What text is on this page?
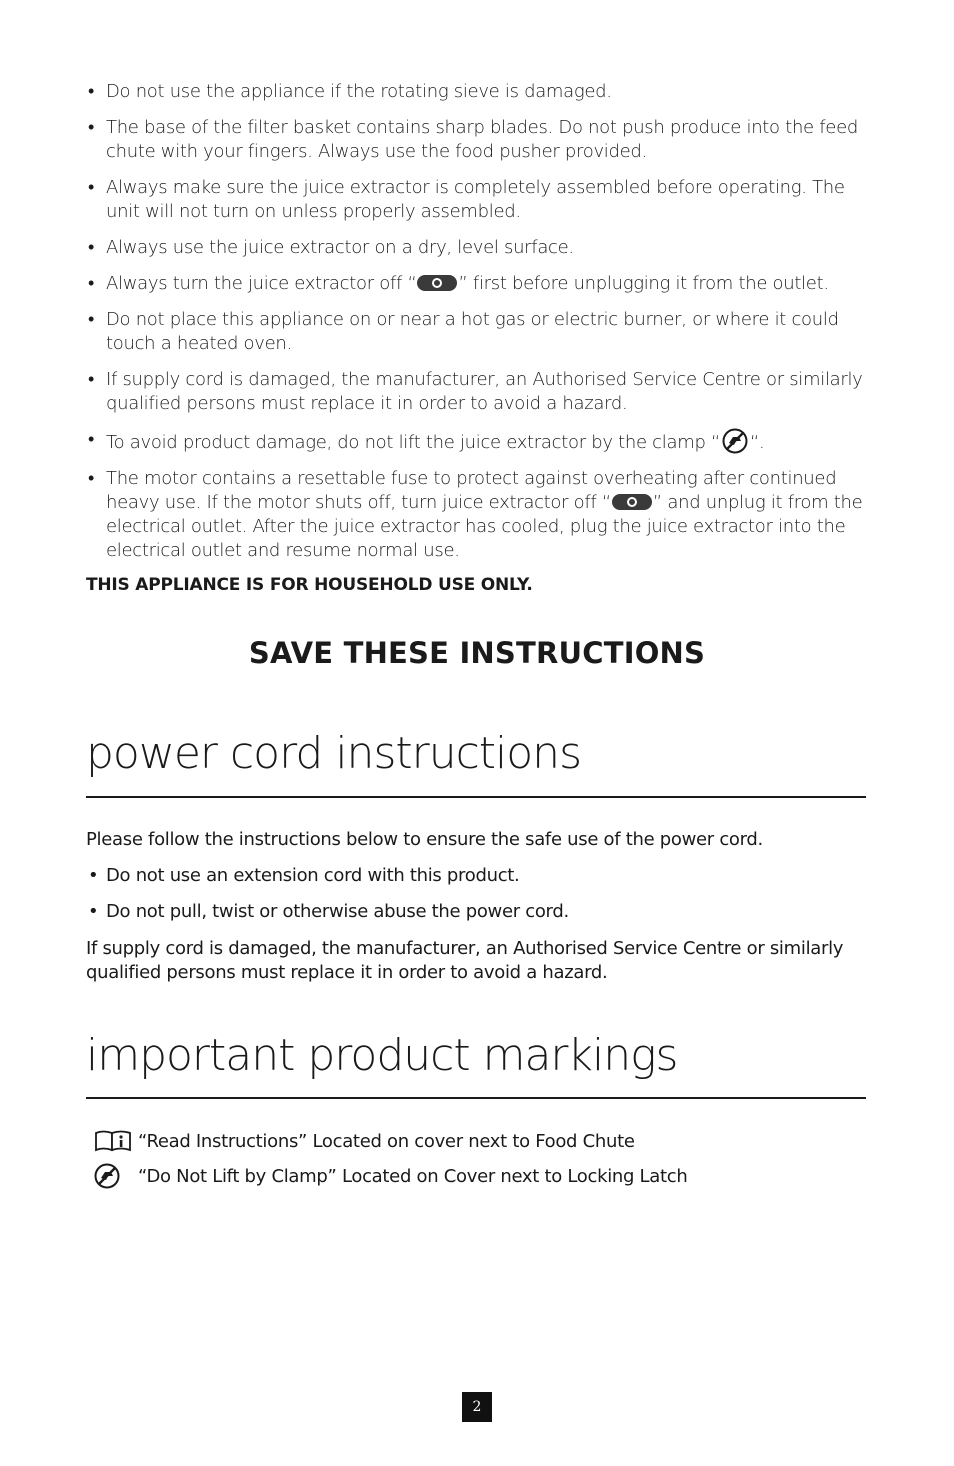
• Do not use the appliance if the rotating sieve is damaged.
• The base of the filter basket contains sharp blades. Do not push produce into the feed chute with your fingers. Always use the food pusher provided.
• Always make sure the juice extractor is completely assembled before operating. The unit will not turn on unless properly assembled.
• Always use the juice extractor on a dry, level surface.
• Always turn the juice extractor off “ ” first before unplugging it from the outlet.
• Do not place this appliance on or near a hot gas or electric burner, or where it could touch a heated oven.
• If supply cord is damaged, the manufacturer, an Authorised Service Centre or similarly qualified persons must replace it in order to avoid a hazard.
• To avoid product damage, do not lift the juice extractor by the clamp “ “.
• The motor contains a resettable fuse to protect against overheating after continued heavy use. If the motor shuts off, turn juice extractor off “ ” and unplug it from the electrical outlet. After the juice extractor has cooled, plug the juice extractor into the electrical outlet and resume normal use.

THIS APPLIANCE IS FOR HOUSEHOLD USE ONLY.

SAVE THESE INSTRUCTIONS
power cord instructions

Please follow the instructions below to ensure the safe use of the power cord.

• Do not use an extension cord with this product.
• Do not pull, twist or otherwise abuse the power cord.

If supply cord is damaged, the manufacturer, an Authorised Service Centre or similarly qualified persons must replace it in order to avoid a hazard.

important product markings
“Read Instructions” Located on cover next to Food Chute
“Do Not Lift by Clamp” Located on Cover next to Locking Latch
2
